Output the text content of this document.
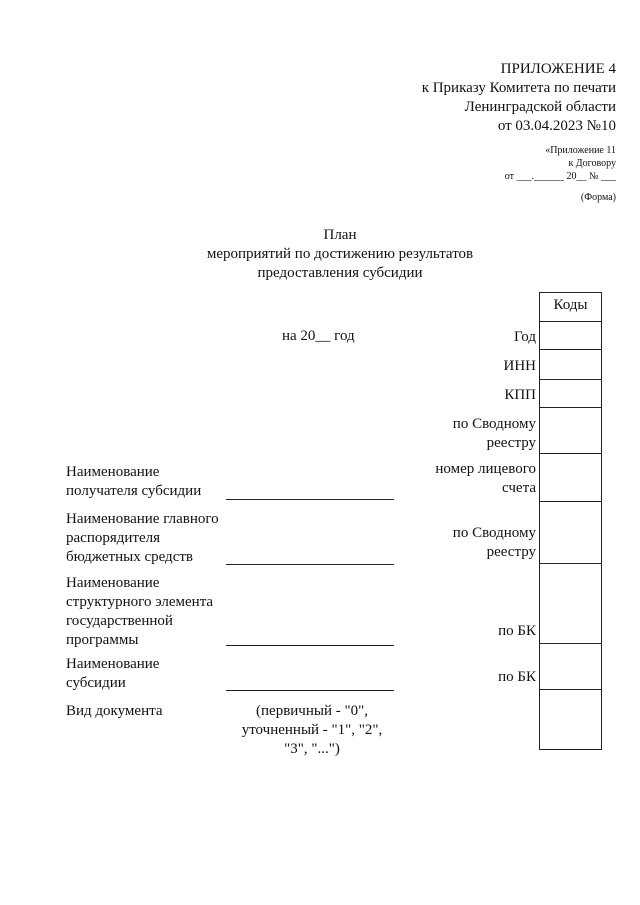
ПРИЛОЖЕНИЕ 4
к Приказу Комитета по печати
Ленинградской области
от 03.04.2023 №10
«Приложение 11
к Договору
от ___.______ 20__ № ___
(Форма)
План
мероприятий по достижению результатов
предоставления субсидии
на 20__ год
Коды
Год
ИНН
КПП
по Сводному
реестру
номер лицевого
счета
по Сводному
реестру
по БК
по БК
Наименование
получателя субсидии
Наименование главного
распорядителя
бюджетных средств
Наименование
структурного элемента
государственной
программы
Наименование
субсидии
Вид документа	(первичный - "0",
уточненный - "1", "2",
"3", "...")
